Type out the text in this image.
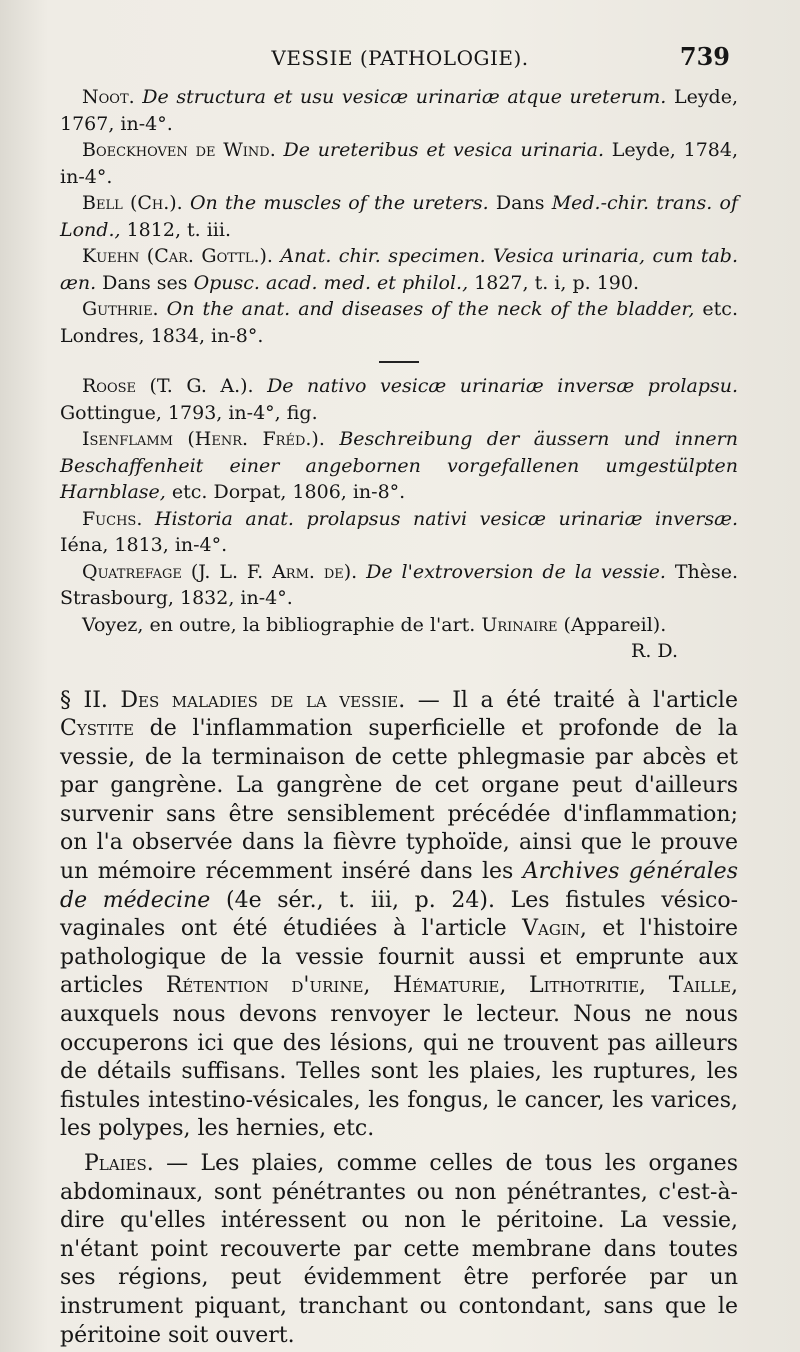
VESSIE (PATHOLOGIE).	739

Noot. De structura et usu vesicæ urinariæ atque ureterum. Leyde, 1767, in-4°.

Boeckhoven de Wind. De ureteribus et vesica urinaria. Leyde, 1784, in-4°.

Bell (Ch.). On the muscles of the ureters. Dans Med.-chir. trans. of Lond., 1812, t. iii.

Kuehn (Car. Gottl.). Anat. chir. specimen. Vesica urinaria, cum tab. æn. Dans ses Opusc. acad. med. et philol., 1827, t. i, p. 190.

Guthrie. On the anat. and diseases of the neck of the bladder, etc. Londres, 1834, in-8°.

Roose (T. G. A.). De nativo vesicæ urinariæ inversæ prolapsu. Gottingue, 1793, in-4°, fig.

Isenflamm (Henr. Fréd.). Beschreibung der äussern und innern Beschaffenheit einer angebornen vorgefallenen umgestülpten Harnblase, etc. Dorpat, 1806, in-8°.

Fuchs. Historia anat. prolapsus nativi vesicæ urinariæ inversæ. Iéna, 1813, in-4°.

Quatrefage (J. L. F. Arm. de). De l'extroversion de la vessie. Thèse. Strasbourg, 1832, in-4°.

Voyez, en outre, la bibliographie de l'art. Urinaire (Appareil).

R. D.

§ II. Des maladies de la vessie. — Il a été traité à l'article Cystite de l'inflammation superficielle et profonde de la vessie, de la terminaison de cette phlegmasie par abcès et par gangrène. La gangrène de cet organe peut d'ailleurs survenir sans être sensiblement précédée d'inflammation; on l'a observée dans la fièvre typhoïde, ainsi que le prouve un mémoire récemment inséré dans les Archives générales de médecine (4e sér., t. iii, p. 24). Les fistules vésico-vaginales ont été étudiées à l'article Vagin, et l'histoire pathologique de la vessie fournit aussi et emprunte aux articles Rétention d'urine, Hématurie, Lithotritie, Taille, auxquels nous devons renvoyer le lecteur. Nous ne nous occuperons ici que des lésions, qui ne trouvent pas ailleurs de détails suffisans. Telles sont les plaies, les ruptures, les fistules intestino-vésicales, les fongus, le cancer, les varices, les polypes, les hernies, etc.

Plaies. — Les plaies, comme celles de tous les organes abdominaux, sont pénétrantes ou non pénétrantes, c'est-à-dire qu'elles intéressent ou non le péritoine. La vessie, n'étant point recouverte par cette membrane dans toutes ses régions, peut évidemment être perforée par un instrument piquant, tranchant ou contondant, sans que le péritoine soit ouvert.
